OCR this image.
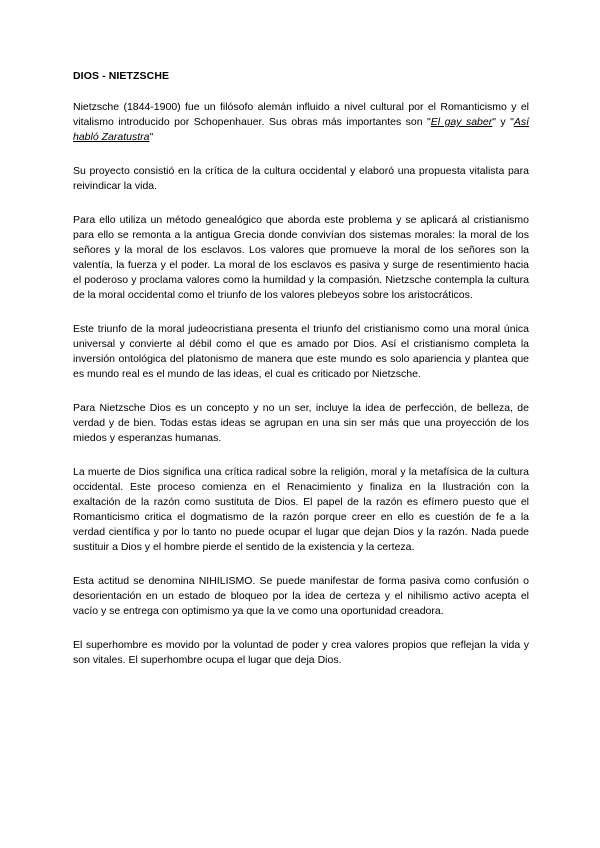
DIOS - NIETZSCHE

Nietzsche (1844-1900) fue un filósofo alemán influido a nivel cultural por el Romanticismo y el vitalismo introducido por Schopenhauer. Sus obras más importantes son "El gay saber" y "Así habló Zaratustra"

Su proyecto consistió en la crítica de la cultura occidental y elaboró una propuesta vitalista para reivindicar la vida.

Para ello utiliza un método genealógico que aborda este problema y se aplicará al cristianismo para ello se remonta a la antigua Grecia donde convivían dos sistemas morales: la moral de los señores y la moral de los esclavos. Los valores que promueve la moral de los señores son la valentía, la fuerza y el poder. La moral de los esclavos es pasiva y surge de resentimiento hacia el poderoso y proclama valores como la humildad y la compasión. Nietzsche contempla la cultura de la moral occidental como el triunfo de los valores plebeyos sobre los aristocráticos.

Este triunfo de la moral judeocristiana presenta el triunfo del cristianismo como una moral única universal y convierte al débil como el que es amado por Dios. Así el cristianismo completa la inversión ontológica del platonismo de manera que este mundo es solo apariencia y plantea que es mundo real es el mundo de las ideas, el cual es criticado por Nietzsche.

Para Nietzsche Dios es un concepto y no un ser, incluye la idea de perfección, de belleza, de verdad y de bien. Todas estas ideas se agrupan en una sin ser más que una proyección de los miedos y esperanzas humanas.

La muerte de Dios significa una crítica radical sobre la religión, moral y la metafísica de la cultura occidental. Este proceso comienza en el Renacimiento y finaliza en la Ilustración con la exaltación de la razón como sustituta de Dios. El papel de la razón es efímero puesto que el Romanticismo critica el dogmatismo de la razón porque creer en ello es cuestión de fe a la verdad científica y por lo tanto no puede ocupar el lugar que dejan Dios y la razón. Nada puede sustituir a Dios y el hombre pierde el sentido de la existencia y la certeza.

Esta actitud se denomina NIHILISMO. Se puede manifestar de forma pasiva como confusión o desorientación en un estado de bloqueo por la idea de certeza y el nihilismo activo acepta el vacío y se entrega con optimismo ya que la ve como una oportunidad creadora.

El superhombre es movido por la voluntad de poder y crea valores propios que reflejan la vida y son vitales. El superhombre ocupa el lugar que deja Dios.
